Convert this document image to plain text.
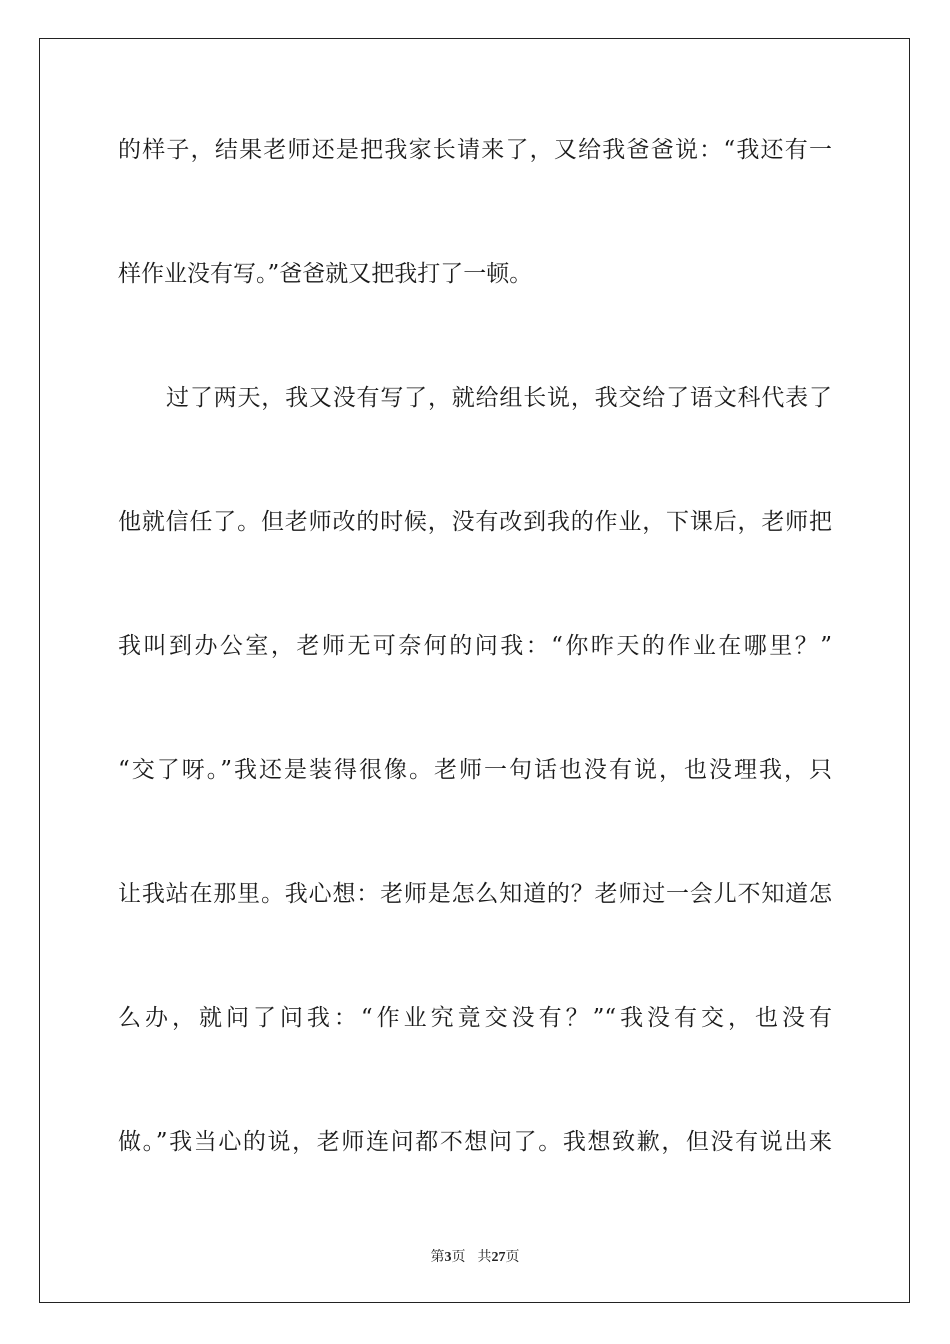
的样子，结果老师还是把我家长请来了，又给我爸爸说：“我还有一
样作业没有写。”爸爸就又把我打了一顿。
过了两天，我又没有写了，就给组长说，我交给了语文科代表了
他就信任了。但老师改的时候，没有改到我的作业，下课后，老师把
我叫到办公室，老师无可奈何的问我：“你昨天的作业在哪里？”
“交了呀。”我还是装得很像。老师一句话也没有说，也没理我，只
让我站在那里。我心想：老师是怎么知道的？老师过一会儿不知道怎
么办，就问了问我：“作业究竟交没有？”“我没有交，也没有
做。”我当心的说，老师连问都不想问了。我想致歉，但没有说出来
第3页 共27页
